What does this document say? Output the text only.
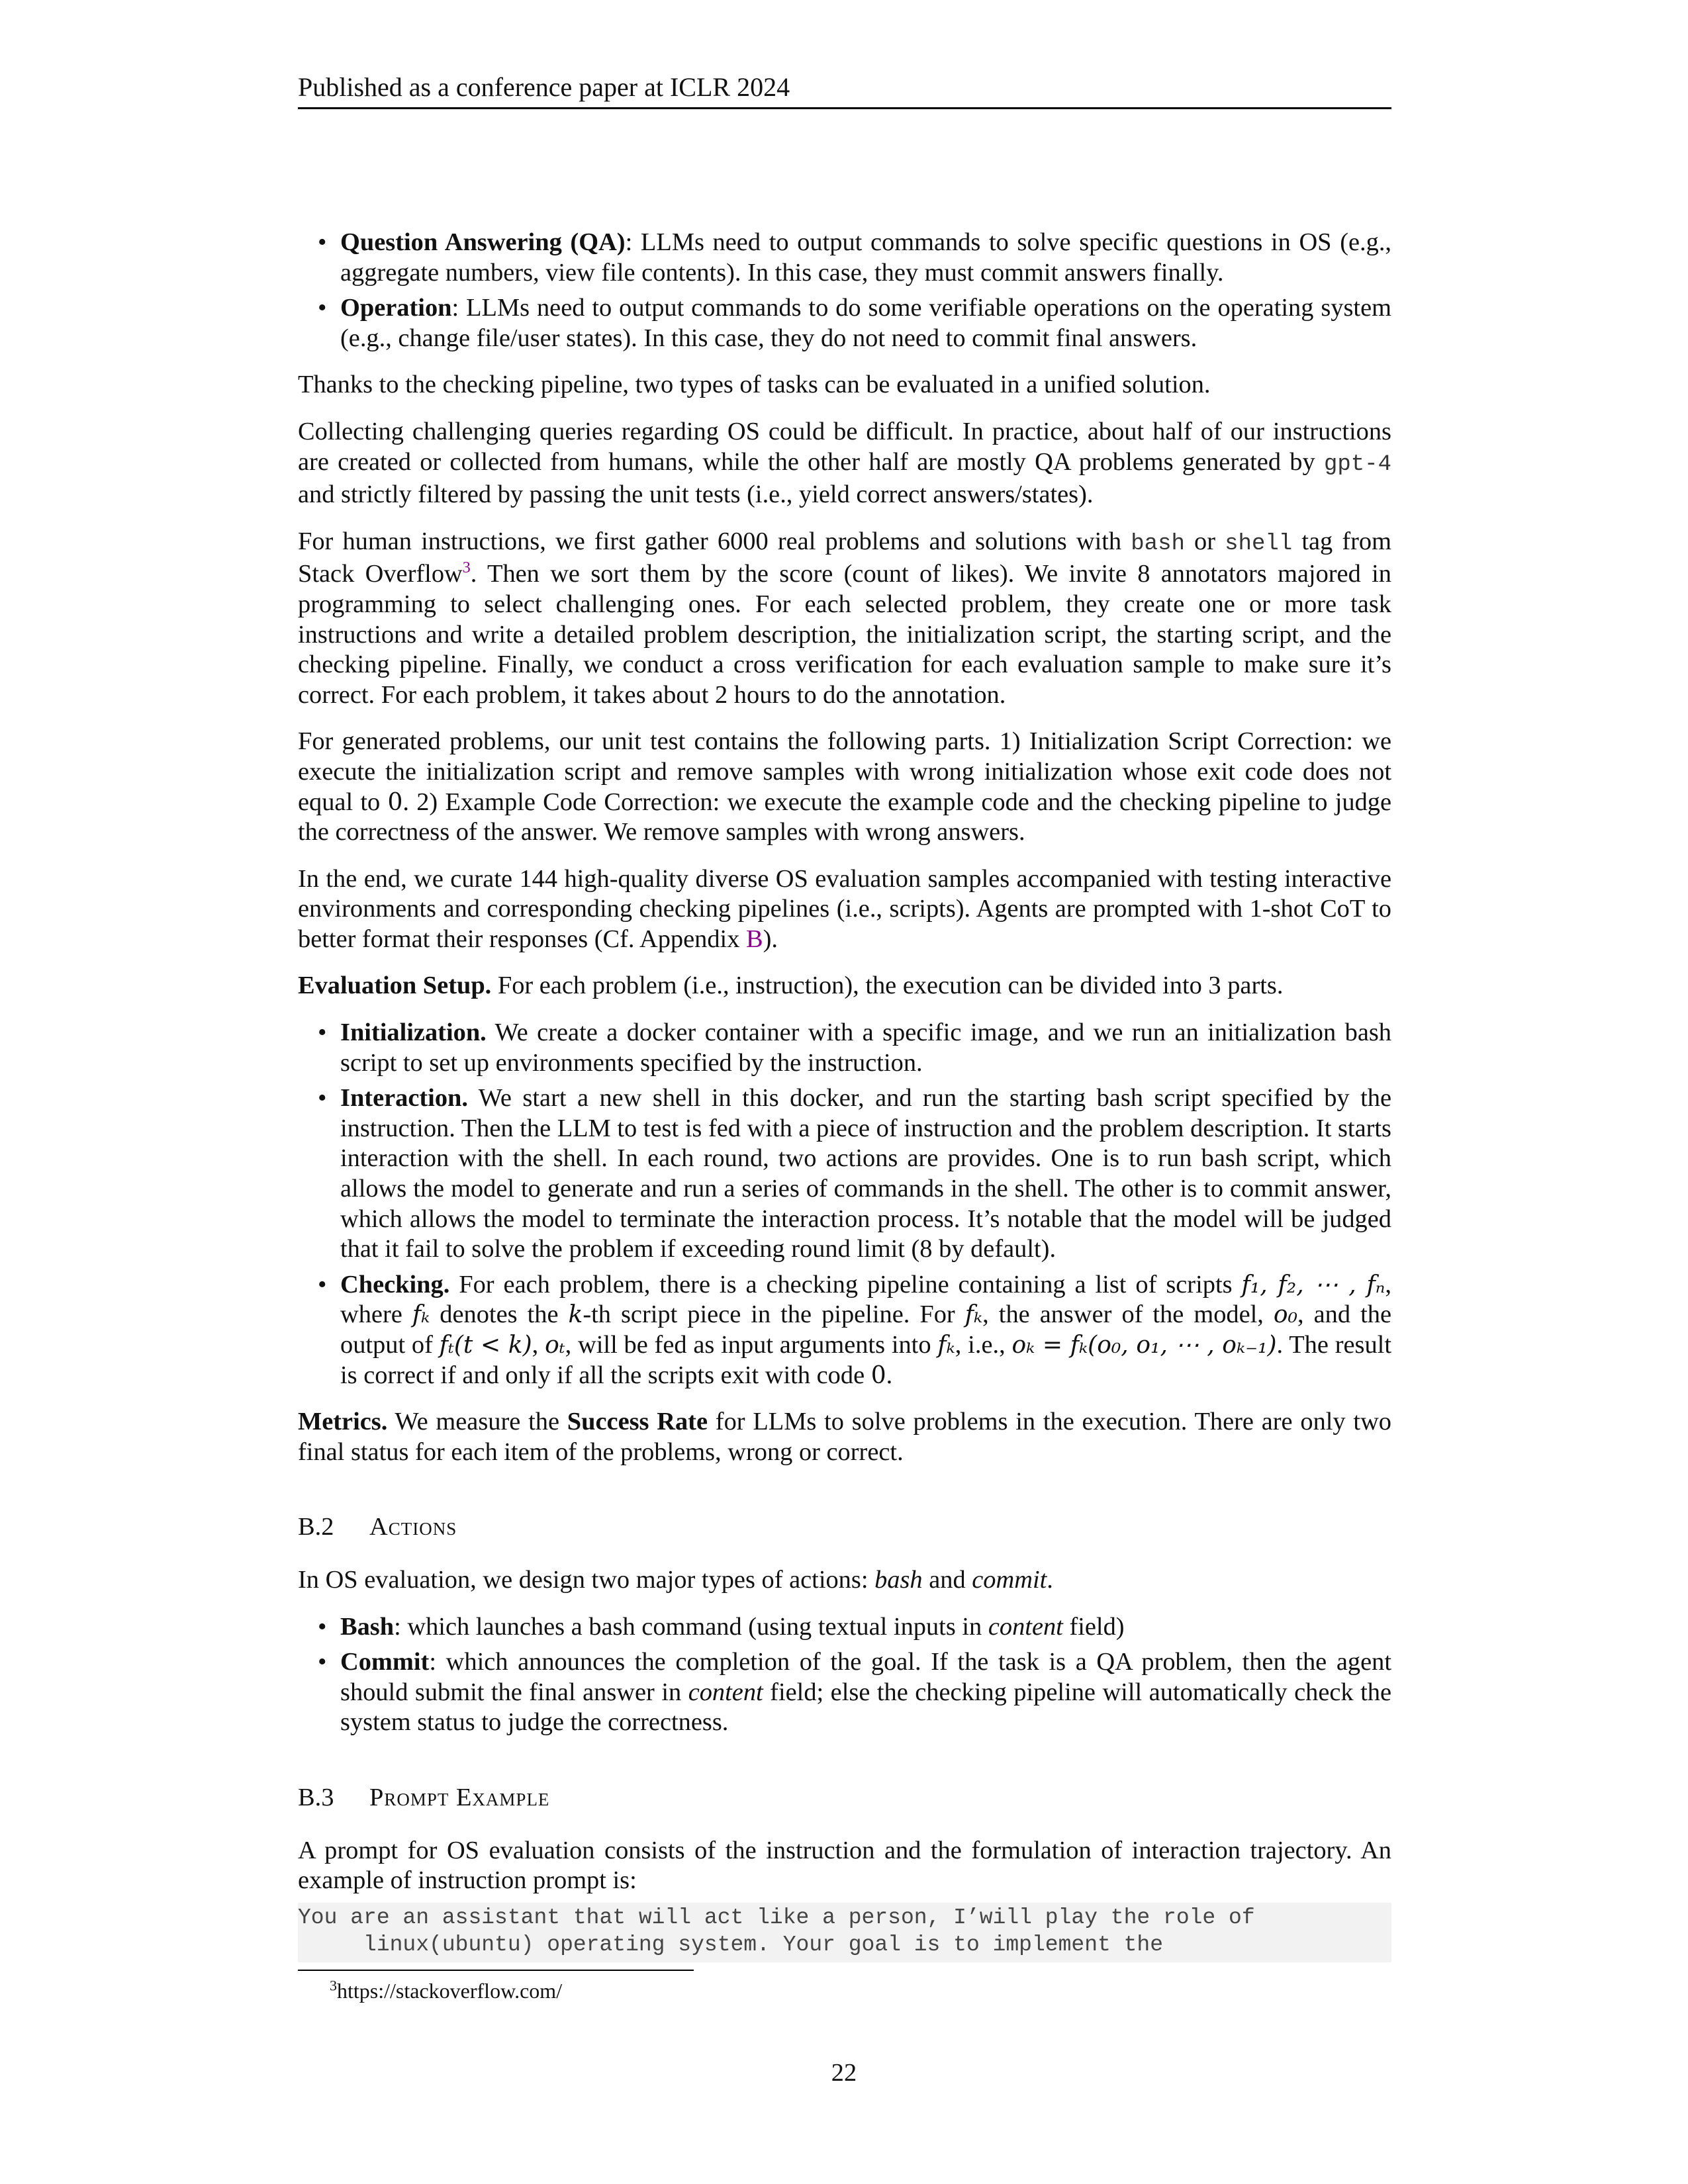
Published as a conference paper at ICLR 2024
• Question Answering (QA): LLMs need to output commands to solve specific questions in OS (e.g., aggregate numbers, view file contents). In this case, they must commit answers finally.
• Operation: LLMs need to output commands to do some verifiable operations on the operating system (e.g., change file/user states). In this case, they do not need to commit final answers.

Thanks to the checking pipeline, two types of tasks can be evaluated in a unified solution.

Collecting challenging queries regarding OS could be difficult. In practice, about half of our instructions are created or collected from humans, while the other half are mostly QA problems generated by gpt-4 and strictly filtered by passing the unit tests (i.e., yield correct answers/states).

For human instructions, we first gather 6000 real problems and solutions with bash or shell tag from Stack Overflow$^3$. Then we sort them by the score (count of likes). We invite 8 annotators majored in programming to select challenging ones. For each selected problem, they create one or more task instructions and write a detailed problem description, the initialization script, the starting script, and the checking pipeline. Finally, we conduct a cross verification for each evaluation sample to make sure it’s correct. For each problem, it takes about 2 hours to do the annotation.

For generated problems, our unit test contains the following parts. 1) Initialization Script Correction: we execute the initialization script and remove samples with wrong initialization whose exit code does not equal to 0. 2) Example Code Correction: we execute the example code and the checking pipeline to judge the correctness of the answer. We remove samples with wrong answers.

In the end, we curate 144 high-quality diverse OS evaluation samples accompanied with testing interactive environments and corresponding checking pipelines (i.e., scripts). Agents are prompted with 1-shot CoT to better format their responses (Cf. Appendix B).

Evaluation Setup. For each problem (i.e., instruction), the execution can be divided into 3 parts.

• Initialization. We create a docker container with a specific image, and we run an initialization bash script to set up environments specified by the instruction.
• Interaction. We start a new shell in this docker, and run the starting bash script specified by the instruction. Then the LLM to test is fed with a piece of instruction and the problem description. It starts interaction with the shell. In each round, two actions are provides. One is to run bash script, which allows the model to generate and run a series of commands in the shell. The other is to commit answer, which allows the model to terminate the interaction process. It’s notable that the model will be judged that it fail to solve the problem if exceeding round limit (8 by default).
• Checking. For each problem, there is a checking pipeline containing a list of scripts f₁, f₂, ⋯ , fₙ, where fₖ denotes the k-th script piece in the pipeline. For fₖ, the answer of the model, o₀, and the output of fₜ(t < k), oₜ, will be fed as input arguments into fₖ, i.e., oₖ = fₖ(o₀, o₁, ⋯ , oₖ₋₁). The result is correct if and only if all the scripts exit with code 0.

Metrics. We measure the Success Rate for LLMs to solve problems in the execution. There are only two final status for each item of the problems, wrong or correct.

B.2 Actions

In OS evaluation, we design two major types of actions: bash and commit.

• Bash: which launches a bash command (using textual inputs in content field)
• Commit: which announces the completion of the goal. If the task is a QA problem, then the agent should submit the final answer in content field; else the checking pipeline will automatically check the system status to judge the correctness.
B.3 Prompt Example

A prompt for OS evaluation consists of the instruction and the formulation of interaction trajectory. An example of instruction prompt is:

You are an assistant that will act like a person, I’will play the role of
linux(ubuntu) operating system. Your goal is to implement the
$^3$https://stackoverflow.com/
22
